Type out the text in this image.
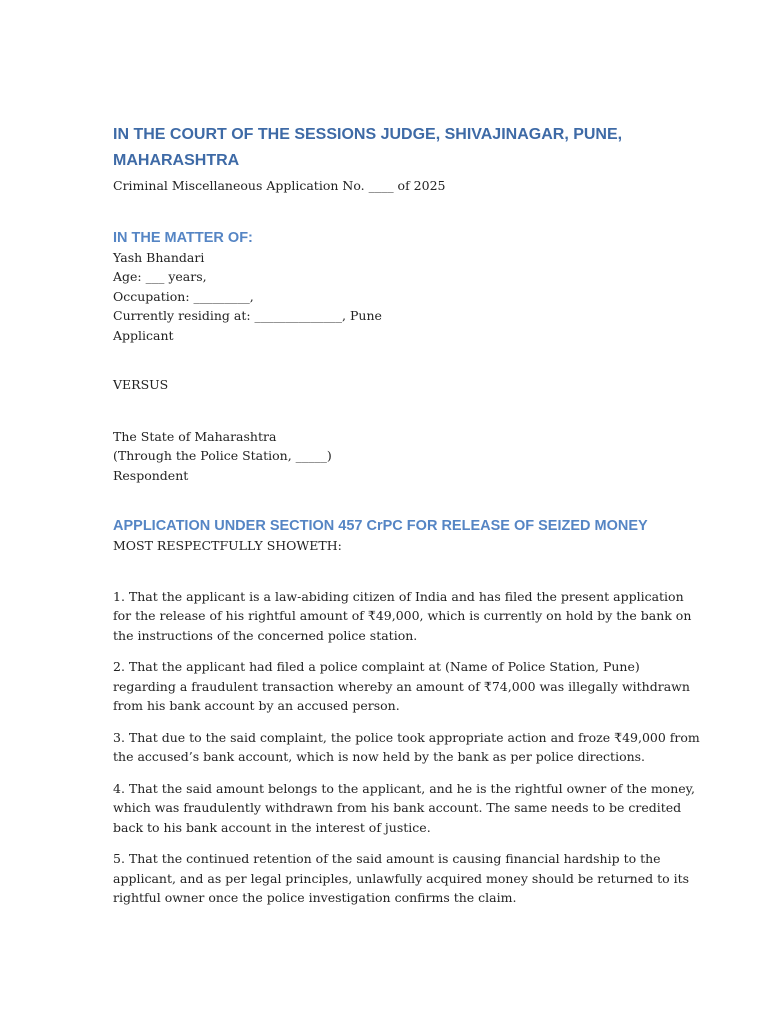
IN THE COURT OF THE SESSIONS JUDGE, SHIVAJINAGAR, PUNE, MAHARASHTRA

Criminal Miscellaneous Application No. ____ of 2025

IN THE MATTER OF:
Yash Bhandari
Age: ___ years,
Occupation: _________,
Currently residing at: ______________, Pune
Applicant

VERSUS

The State of Maharashtra
(Through the Police Station, _____)
Respondent
APPLICATION UNDER SECTION 457 CrPC FOR RELEASE OF SEIZED MONEY

MOST RESPECTFULLY SHOWETH:

1. That the applicant is a law-abiding citizen of India and has filed the present application
for the release of his rightful amount of ₹49,000, which is currently on hold by the bank on
the instructions of the concerned police station.
2. That the applicant had filed a police complaint at (Name of Police Station, Pune)
regarding a fraudulent transaction whereby an amount of ₹74,000 was illegally withdrawn
from his bank account by an accused person.
3. That due to the said complaint, the police took appropriate action and froze ₹49,000 from
the accused’s bank account, which is now held by the bank as per police directions.
4. That the said amount belongs to the applicant, and he is the rightful owner of the money,
which was fraudulently withdrawn from his bank account. The same needs to be credited
back to his bank account in the interest of justice.
5. That the continued retention of the said amount is causing financial hardship to the
applicant, and as per legal principles, unlawfully acquired money should be returned to its
rightful owner once the police investigation confirms the claim.
